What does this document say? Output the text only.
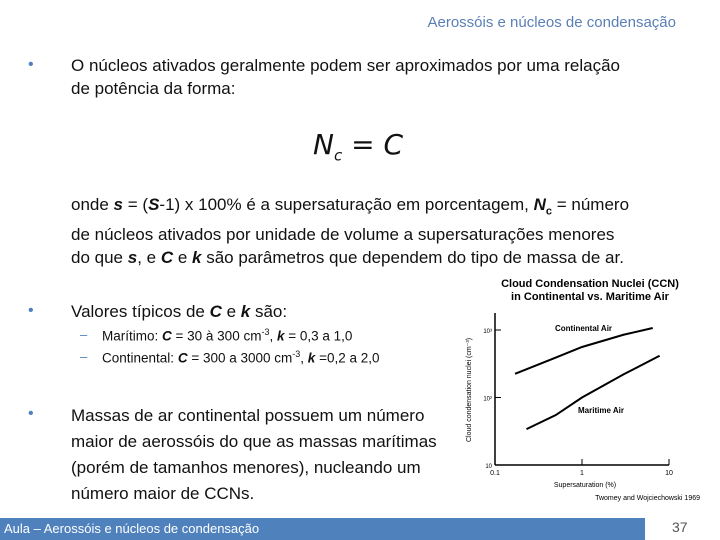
Aerossóis e núcleos de condensação
• O núcleos ativados geralmente podem ser aproximados por uma relação
de potência da forma:
$N_c = C$
onde s = (S-1) x 100% é a supersaturação em porcentagem, $N_c$ = número
de núcleos ativados por unidade de volume a supersaturações menores
do que s, e C e k são parâmetros que dependem do tipo de massa de ar.
• Valores típicos de C e k são:
– Marítimo: C = 30 à 300 $cm^{-3}$, k = 0,3 a 1,0
– Continental: C = 300 a 3000 $cm^{-3}$, k =0,2 a 2,0
• Massas de ar continental possuem um número
maior de aerossóis do que as massas marítimas
(porém de tamanhos menores), nucleando um
número maior de CCNs.
Cloud Condensation Nuclei (CCN)
in Continental vs. Maritime Air
0.1	1	10
10
10²
10³	Continental Air
Maritime Air
Supersaturation (%)
Cloud condensation nuclei (cm⁻³)
Twomey and Wojciechowski 1969
Aula – Aerossóis e núcleos de condensação	37
